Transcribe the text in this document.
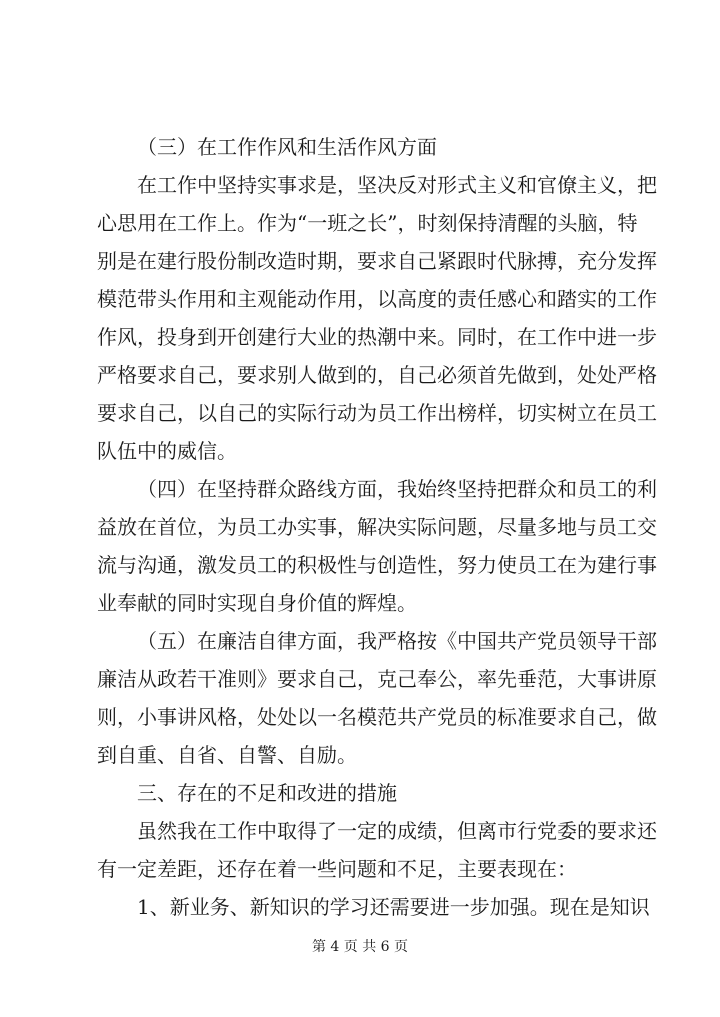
（三）在工作作风和生活作风方面
在工作中坚持实事求是，坚决反对形式主义和官僚主义，把
心思用在工作上。作为“一班之长”，时刻保持清醒的头脑，特
别是在建行股份制改造时期，要求自己紧跟时代脉搏，充分发挥
模范带头作用和主观能动作用，以高度的责任感心和踏实的工作
作风，投身到开创建行大业的热潮中来。同时，在工作中进一步
严格要求自己，要求别人做到的，自己必须首先做到，处处严格
要求自己，以自己的实际行动为员工作出榜样，切实树立在员工
队伍中的威信。
（四）在坚持群众路线方面，我始终坚持把群众和员工的利
益放在首位，为员工办实事，解决实际问题，尽量多地与员工交
流与沟通，激发员工的积极性与创造性，努力使员工在为建行事
业奉献的同时实现自身价值的辉煌。
（五）在廉洁自律方面，我严格按《中国共产党员领导干部
廉洁从政若干准则》要求自己，克己奉公，率先垂范，大事讲原
则，小事讲风格，处处以一名模范共产党员的标准要求自己，做
到自重、自省、自警、自励。
三、存在的不足和改进的措施
虽然我在工作中取得了一定的成绩，但离市行党委的要求还
有一定差距，还存在着一些问题和不足，主要表现在：
1、新业务、新知识的学习还需要进一步加强。现在是知识
第 4 页 共 6 页
